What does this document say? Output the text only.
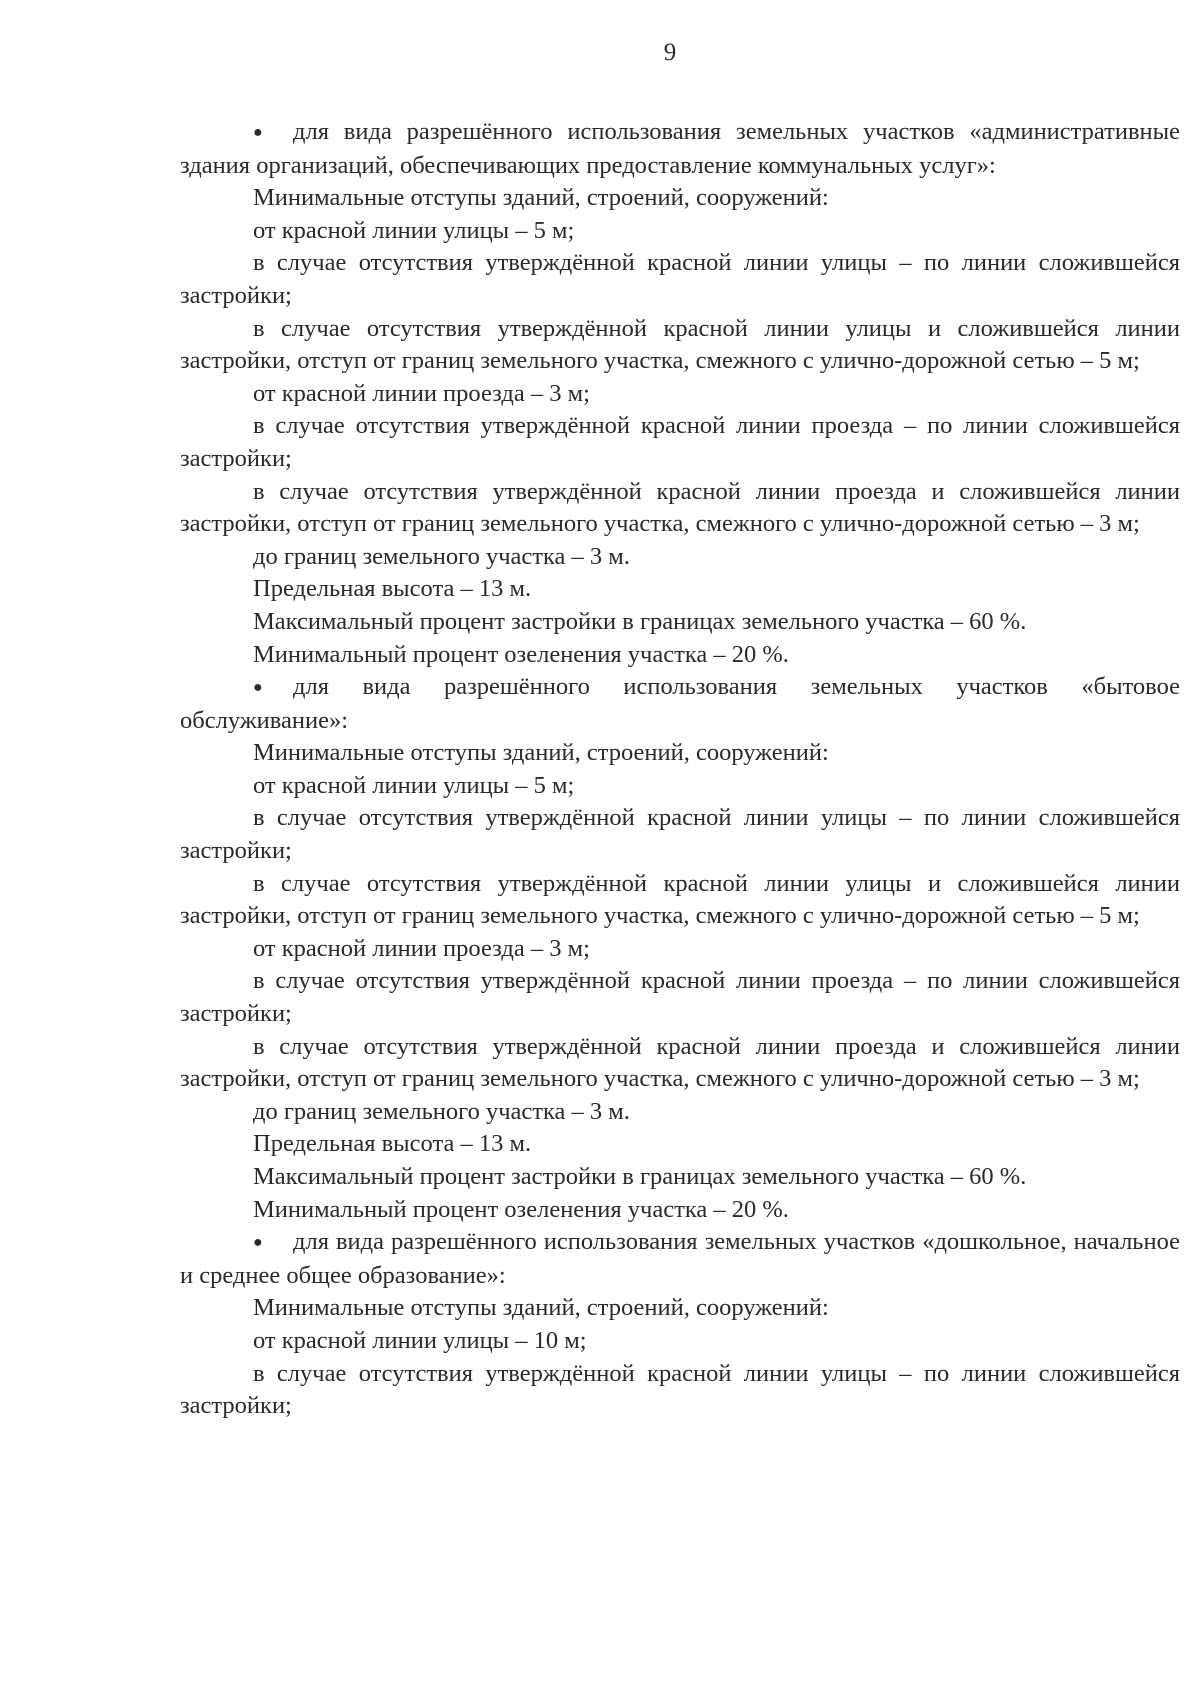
9

● для вида разрешённого использования земельных участков «административные здания организаций, обеспечивающих предоставление коммунальных услуг»:

Минимальные отступы зданий, строений, сооружений:

от красной линии улицы – 5 м;

в случае отсутствия утверждённой красной линии улицы – по линии сложившейся застройки;

в случае отсутствия утверждённой красной линии улицы и сложившейся линии застройки, отступ от границ земельного участка, смежного с улично-дорожной сетью – 5 м;

от красной линии проезда – 3 м;

в случае отсутствия утверждённой красной линии проезда – по линии сложившейся застройки;

в случае отсутствия утверждённой красной линии проезда и сложившейся линии застройки, отступ от границ земельного участка, смежного с улично-дорожной сетью – 3 м;

до границ земельного участка – 3 м.

Предельная высота – 13 м.

Максимальный процент застройки в границах земельного участка – 60 %.

Минимальный процент озеленения участка – 20 %.

● для вида разрешённого использования земельных участков «бытовое обслуживание»:

Минимальные отступы зданий, строений, сооружений:

от красной линии улицы – 5 м;

в случае отсутствия утверждённой красной линии улицы – по линии сложившейся застройки;

в случае отсутствия утверждённой красной линии улицы и сложившейся линии застройки, отступ от границ земельного участка, смежного с улично-дорожной сетью – 5 м;

от красной линии проезда – 3 м;

в случае отсутствия утверждённой красной линии проезда – по линии сложившейся застройки;

в случае отсутствия утверждённой красной линии проезда и сложившейся линии застройки, отступ от границ земельного участка, смежного с улично-дорожной сетью – 3 м;

до границ земельного участка – 3 м.

Предельная высота – 13 м.

Максимальный процент застройки в границах земельного участка – 60 %.

Минимальный процент озеленения участка – 20 %.

● для вида разрешённого использования земельных участков «дошкольное, начальное и среднее общее образование»:

Минимальные отступы зданий, строений, сооружений:

от красной линии улицы – 10 м;

в случае отсутствия утверждённой красной линии улицы – по линии сложившейся застройки;
